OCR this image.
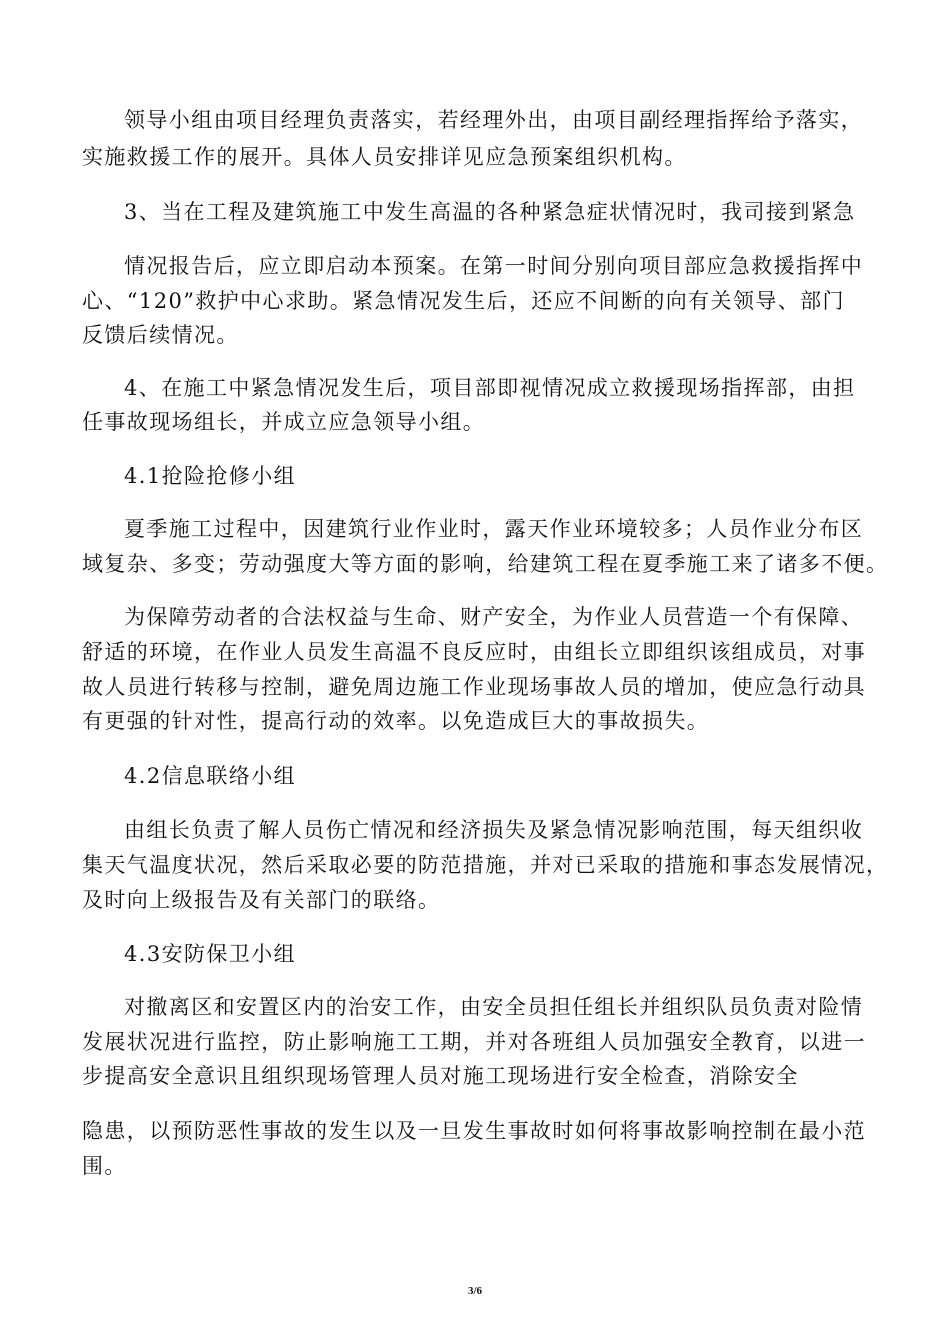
领导小组由项目经理负责落实，若经理外出，由项目副经理指挥给予落实，
实施救援工作的展开。具体人员安排详见应急预案组织机构。
3、当在工程及建筑施工中发生高温的各种紧急症状情况时，我司接到紧急
情况报告后，应立即启动本预案。在第一时间分别向项目部应急救援指挥中
心、“120”救护中心求助。紧急情况发生后，还应不间断的向有关领导、部门
反馈后续情况。
4、在施工中紧急情况发生后，项目部即视情况成立救援现场指挥部，由担
任事故现场组长，并成立应急领导小组。
4.1抢险抢修小组
夏季施工过程中，因建筑行业作业时，露天作业环境较多；人员作业分布区
域复杂、多变；劳动强度大等方面的影响，给建筑工程在夏季施工来了诸多不便。
为保障劳动者的合法权益与生命、财产安全，为作业人员营造一个有保障、
舒适的环境，在作业人员发生高温不良反应时，由组长立即组织该组成员，对事
故人员进行转移与控制，避免周边施工作业现场事故人员的增加，使应急行动具
有更强的针对性，提高行动的效率。以免造成巨大的事故损失。
4.2信息联络小组
由组长负责了解人员伤亡情况和经济损失及紧急情况影响范围，每天组织收
集天气温度状况，然后采取必要的防范措施，并对已采取的措施和事态发展情况，
及时向上级报告及有关部门的联络。
4.3安防保卫小组
对撤离区和安置区内的治安工作，由安全员担任组长并组织队员负责对险情
发展状况进行监控，防止影响施工工期，并对各班组人员加强安全教育，以进一
步提高安全意识且组织现场管理人员对施工现场进行安全检查，消除安全
隐患，以预防恶性事故的发生以及一旦发生事故时如何将事故影响控制在最小范
围。
3/6
